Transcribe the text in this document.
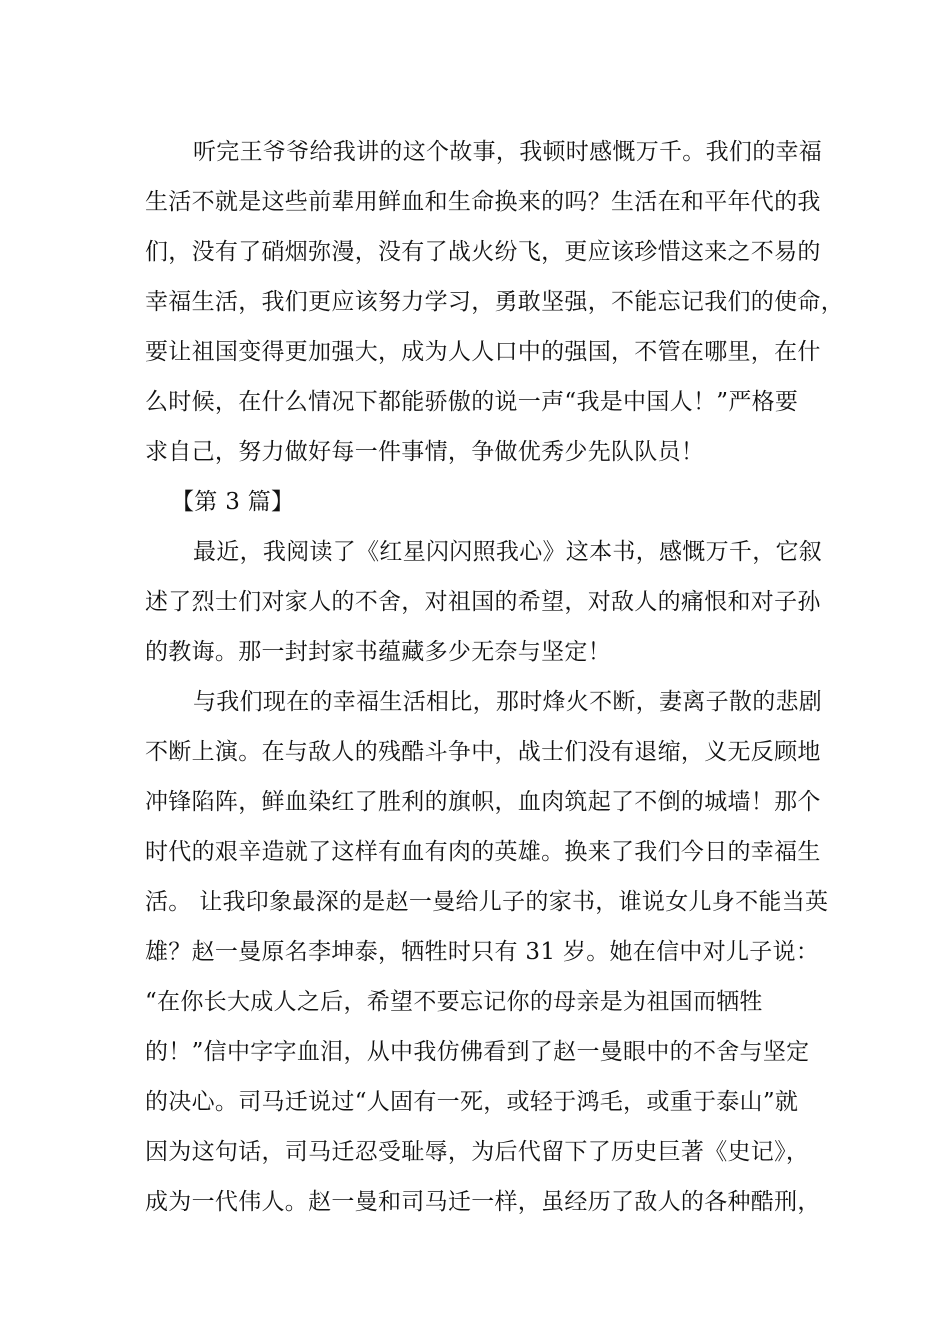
听完王爷爷给我讲的这个故事，我顿时感慨万千。我们的幸福
生活不就是这些前辈用鲜血和生命换来的吗？生活在和平年代的我
们，没有了硝烟弥漫，没有了战火纷飞，更应该珍惜这来之不易的
幸福生活，我们更应该努力学习，勇敢坚强，不能忘记我们的使命，
要让祖国变得更加强大，成为人人口中的强国，不管在哪里，在什
么时候，在什么情况下都能骄傲的说一声“我是中国人！”严格要
求自己，努力做好每一件事情，争做优秀少先队队员！
【第 3 篇】
最近，我阅读了《红星闪闪照我心》这本书，感慨万千，它叙
述了烈士们对家人的不舍，对祖国的希望，对敌人的痛恨和对子孙
的教诲。那一封封家书蕴藏多少无奈与坚定！
与我们现在的幸福生活相比，那时烽火不断，妻离子散的悲剧
不断上演。在与敌人的残酷斗争中，战士们没有退缩，义无反顾地
冲锋陷阵，鲜血染红了胜利的旗帜，血肉筑起了不倒的城墙！那个
时代的艰辛造就了这样有血有肉的英雄。换来了我们今日的幸福生
活。 让我印象最深的是赵一曼给儿子的家书，谁说女儿身不能当英
雄？赵一曼原名李坤泰，牺牲时只有 31 岁。她在信中对儿子说：
“在你长大成人之后，希望不要忘记你的母亲是为祖国而牺牲
的！”信中字字血泪，从中我仿佛看到了赵一曼眼中的不舍与坚定
的决心。司马迁说过“人固有一死，或轻于鸿毛，或重于泰山”就
因为这句话，司马迁忍受耻辱，为后代留下了历史巨著《史记》，
成为一代伟人。赵一曼和司马迁一样，虽经历了敌人的各种酷刑，
